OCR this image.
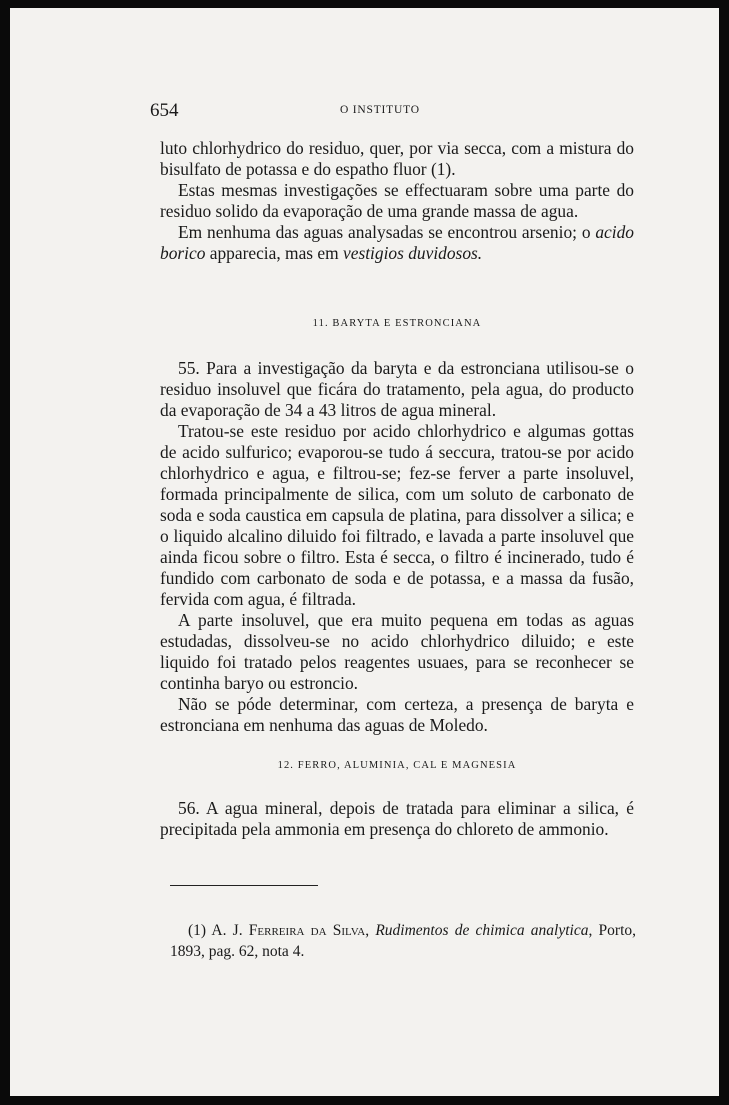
654	O INSTITUTO

luto chlorhydrico do residuo, quer, por via secca, com a mistura do bisulfato de potassa e do espatho fluor (1).

Estas mesmas investigações se effectuaram sobre uma parte do residuo solido da evaporação de uma grande massa de agua.

Em nenhuma das aguas analysadas se encontrou arsenio; o acido borico apparecia, mas em vestigios duvidosos.

11. BARYTA E ESTRONCIANA

55. Para a investigação da baryta e da estronciana utilisou-se o residuo insoluvel que ficára do tratamento, pela agua, do producto da evaporação de 34 a 43 litros de agua mineral.

Tratou-se este residuo por acido chlorhydrico e algumas gottas de acido sulfurico; evaporou-se tudo á seccura, tratou-se por acido chlorhydrico e agua, e filtrou-se; fez-se ferver a parte insoluvel, formada principalmente de silica, com um soluto de carbonato de soda e soda caustica em capsula de platina, para dissolver a silica; e o liquido alcalino diluido foi filtrado, e lavada a parte insoluvel que ainda ficou sobre o filtro. Esta é secca, o filtro é incinerado, tudo é fundido com carbonato de soda e de potassa, e a massa da fusão, fervida com agua, é filtrada.

A parte insoluvel, que era muito pequena em todas as aguas estudadas, dissolveu-se no acido chlorhydrico diluido; e este liquido foi tratado pelos reagentes usuaes, para se reconhecer se continha baryo ou estroncio.

Não se póde determinar, com certeza, a presença de baryta e estronciana em nenhuma das aguas de Moledo.

12. FERRO, ALUMINIA, CAL E MAGNESIA

56. A agua mineral, depois de tratada para eliminar a silica, é precipitada pela ammonia em presença do chloreto de ammonio.

(1) A. J. Ferreira da Silva, Rudimentos de chimica analytica, Porto, 1893, pag. 62, nota 4.
